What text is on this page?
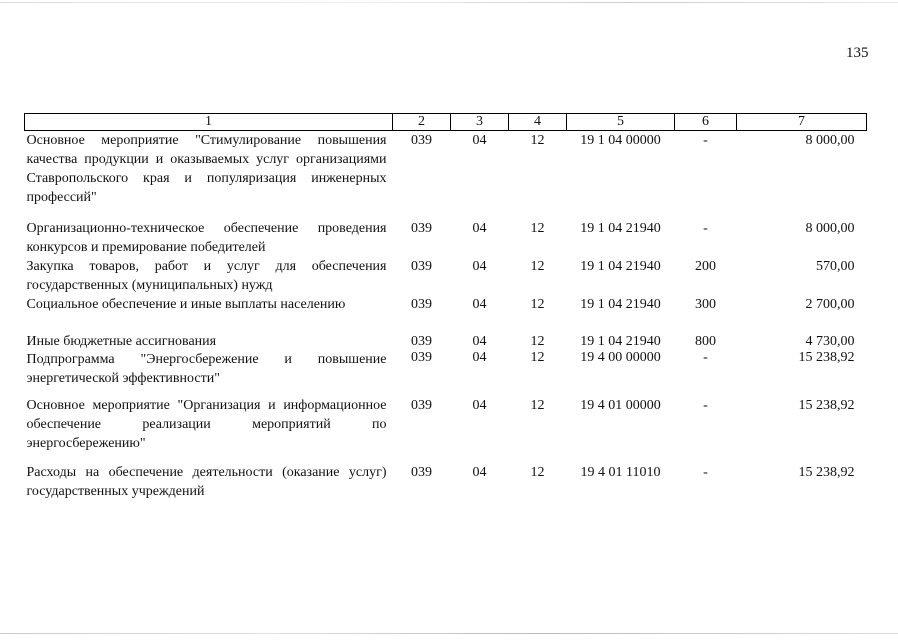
135
1	2	3	4	5	6	7
Основное мероприятие "Стимулирование повышения качества продукции и оказываемых услуг организациями Ставропольского края и популяризация инженерных профессий"	039	04	12	19 1 04 00000	-	8 000,00
Организационно-техническое обеспечение проведения конкурсов и премирование победителей	039	04	12	19 1 04 21940	-	8 000,00
Закупка товаров, работ и услуг для обеспечения государственных (муниципальных) нужд	039	04	12	19 1 04 21940	200	570,00
Социальное обеспечение и иные выплаты населению	039	04	12	19 1 04 21940	300	2 700,00
Иные бюджетные ассигнования	039	04	12	19 1 04 21940	800	4 730,00
Подпрограмма "Энергосбережение и повышение энергетической эффективности"	039	04	12	19 4 00 00000	-	15 238,92
Основное мероприятие "Организация и информационное обеспечение реализации мероприятий по энергосбережению"	039	04	12	19 4 01 00000	-	15 238,92
Расходы на обеспечение деятельности (оказание услуг) государственных учреждений	039	04	12	19 4 01 11010	-	15 238,92
